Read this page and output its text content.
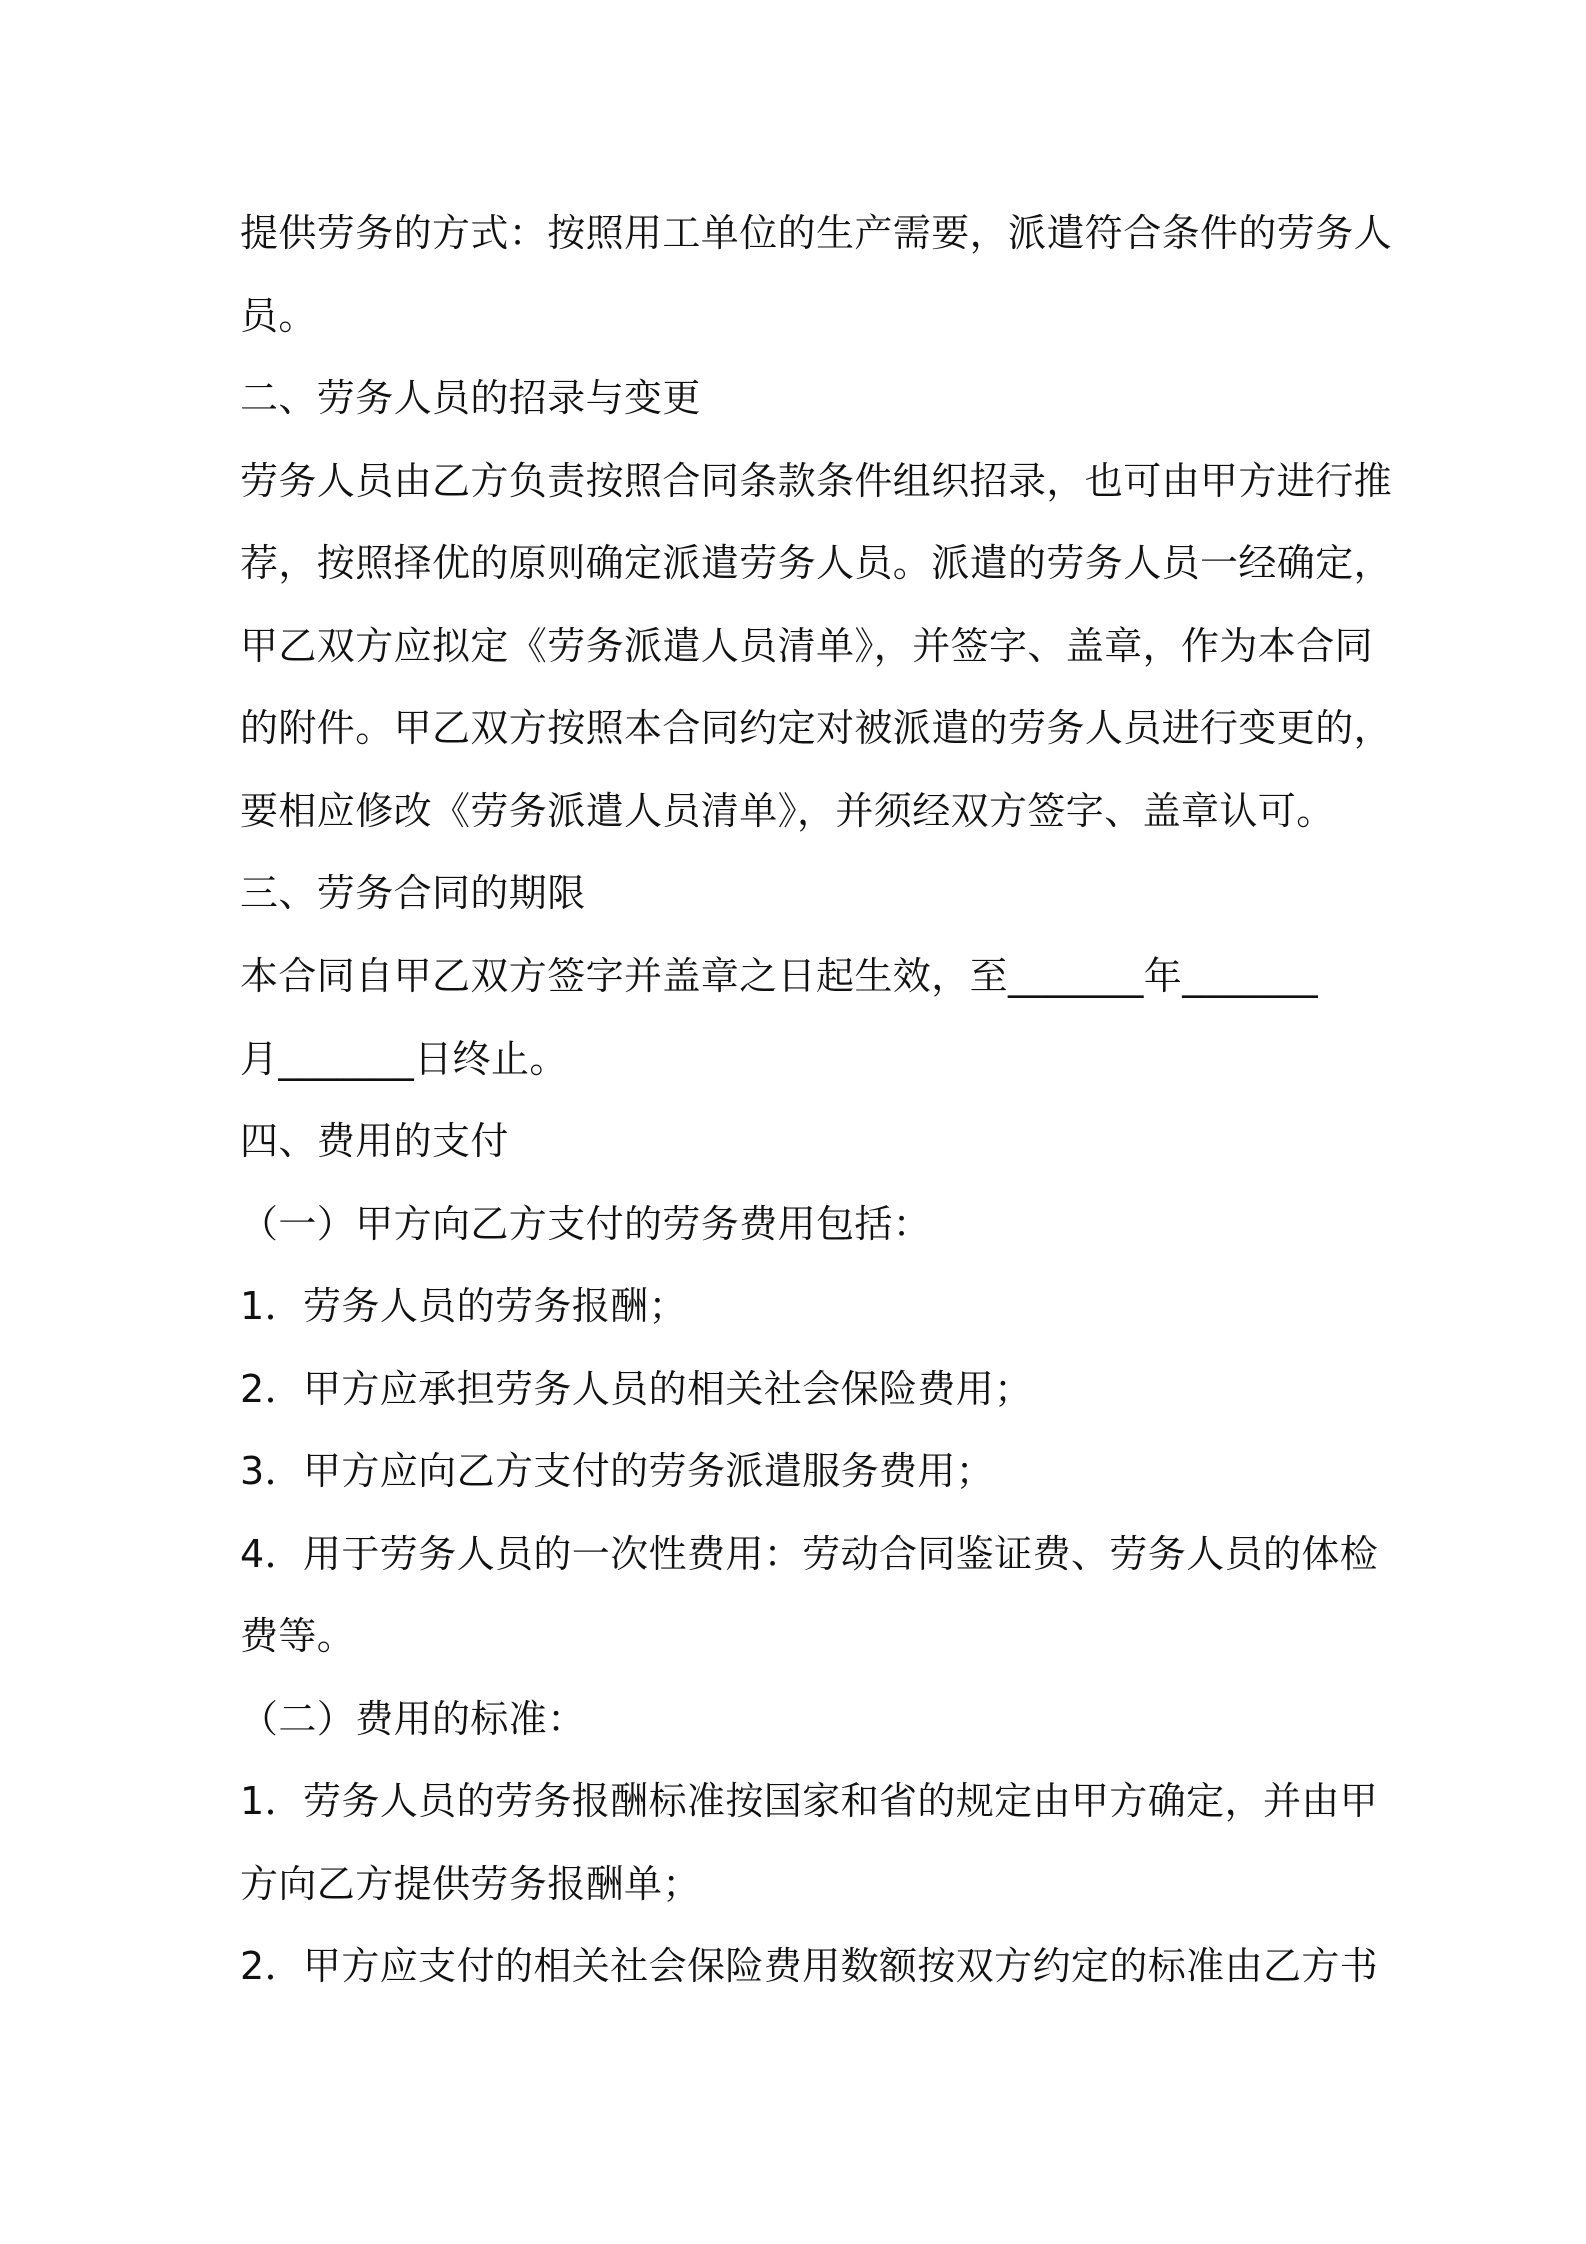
提供劳务的方式：按照用工单位的生产需要，派遣符合条件的劳务人
员。
二、劳务人员的招录与变更
劳务人员由乙方负责按照合同条款条件组织招录，也可由甲方进行推
荐，按照择优的原则确定派遣劳务人员。派遣的劳务人员一经确定，
甲乙双方应拟定《劳务派遣人员清单》，并签字、盖章，作为本合同
的附件。甲乙双方按照本合同约定对被派遣的劳务人员进行变更的，
要相应修改《劳务派遣人员清单》，并须经双方签字、盖章认可。
三、劳务合同的期限
本合同自甲乙双方签字并盖章之日起生效，至_______年_______
月_______日终止。
四、费用的支付
（一）甲方向乙方支付的劳务费用包括：
1．劳务人员的劳务报酬；
2．甲方应承担劳务人员的相关社会保险费用；
3．甲方应向乙方支付的劳务派遣服务费用；
4．用于劳务人员的一次性费用：劳动合同鉴证费、劳务人员的体检
费等。
（二）费用的标准：
1．劳务人员的劳务报酬标准按国家和省的规定由甲方确定，并由甲
方向乙方提供劳务报酬单；
2．甲方应支付的相关社会保险费用数额按双方约定的标准由乙方书
